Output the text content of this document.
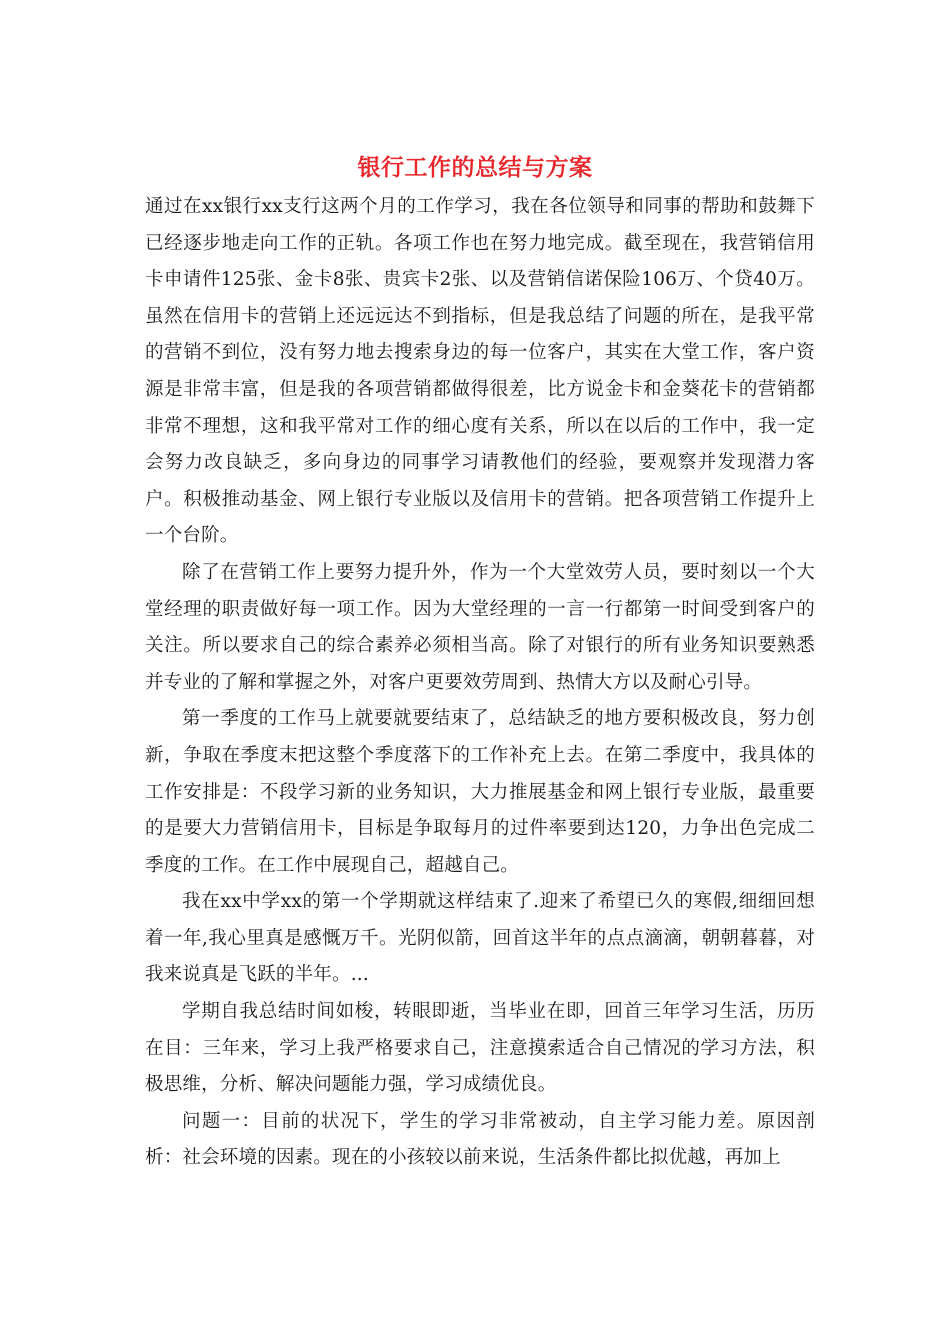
银行工作的总结与方案

通过在xx银行xx支行这两个月的工作学习，我在各位领导和同事的帮助和鼓舞下已经逐步地走向工作的正轨。各项工作也在努力地完成。截至现在，我营销信用卡申请件125张、金卡8张、贵宾卡2张、以及营销信诺保险106万、个贷40万。虽然在信用卡的营销上还远远达不到指标，但是我总结了问题的所在，是我平常的营销不到位，没有努力地去搜索身边的每一位客户，其实在大堂工作，客户资源是非常丰富，但是我的各项营销都做得很差，比方说金卡和金葵花卡的营销都非常不理想，这和我平常对工作的细心度有关系，所以在以后的工作中，我一定会努力改良缺乏，多向身边的同事学习请教他们的经验，要观察并发现潜力客户。积极推动基金、网上银行专业版以及信用卡的营销。把各项营销工作提升上一个台阶。

除了在营销工作上要努力提升外，作为一个大堂效劳人员，要时刻以一个大堂经理的职责做好每一项工作。因为大堂经理的一言一行都第一时间受到客户的关注。所以要求自己的综合素养必须相当高。除了对银行的所有业务知识要熟悉并专业的了解和掌握之外，对客户更要效劳周到、热情大方以及耐心引导。

第一季度的工作马上就要就要结束了，总结缺乏的地方要积极改良，努力创新，争取在季度末把这整个季度落下的工作补充上去。在第二季度中，我具体的工作安排是：不段学习新的业务知识，大力推展基金和网上银行专业版，最重要的是要大力营销信用卡，目标是争取每月的过件率要到达120，力争出色完成二季度的工作。在工作中展现自己，超越自己。

我在xx中学xx的第一个学期就这样结束了.迎来了希望已久的寒假,细细回想着一年,我心里真是感慨万千。光阴似箭，回首这半年的点点滴滴，朝朝暮暮，对我来说真是飞跃的半年。...

学期自我总结时间如梭，转眼即逝，当毕业在即，回首三年学习生活，历历在目：三年来，学习上我严格要求自己，注意摸索适合自己情况的学习方法，积极思维，分析、解决问题能力强，学习成绩优良。

问题一：目前的状况下，学生的学习非常被动，自主学习能力差。原因剖析：社会环境的因素。现在的小孩较以前来说，生活条件都比拟优越，再加上
